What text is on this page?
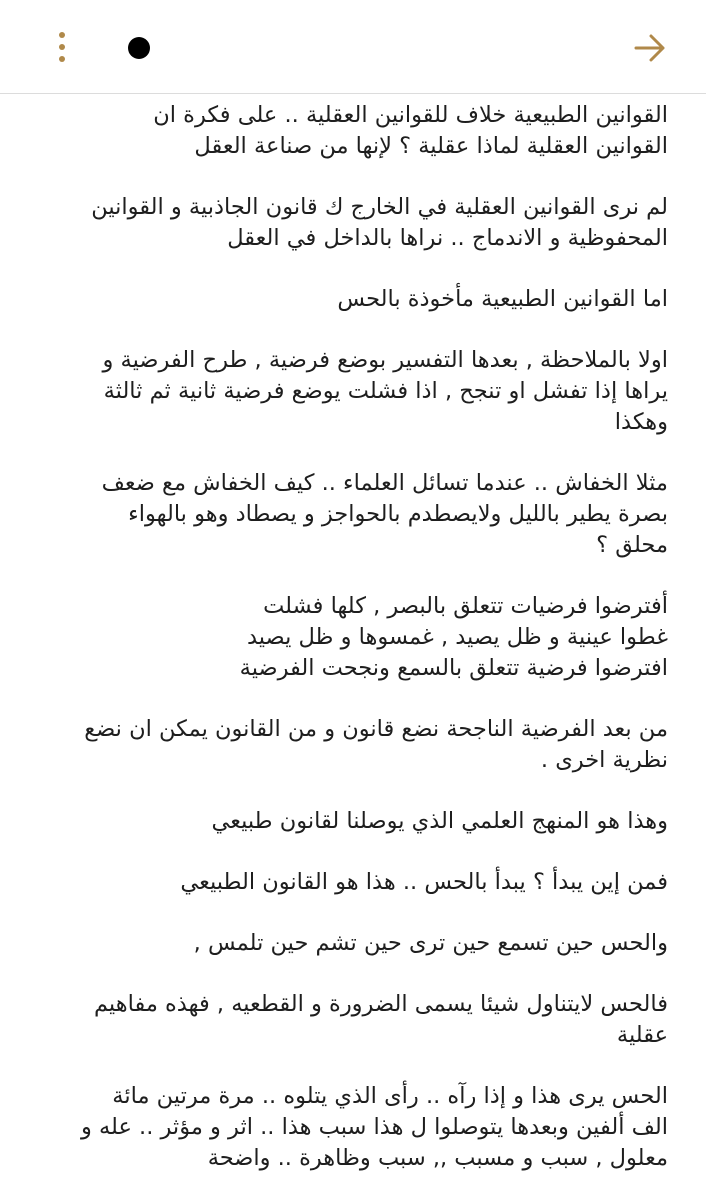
القوانين الطبيعية خلاف للقوانين العقلية .. على فكرة ان القوانين العقلية لماذا عقلية ؟ لإنها من صناعة العقل

لم نرى القوانين العقلية في الخارج ك قانون الجاذبية و القوانين المحفوظية و الاندماج .. نراها بالداخل في العقل

اما القوانين الطبيعية مأخوذة بالحس

اولا بالملاحظة , بعدها التفسير بوضع فرضية , طرح الفرضية و يراها إذا تفشل او تنجح , اذا فشلت يوضع فرضية ثانية ثم ثالثة وهكذا

مثلا الخفاش .. عندما تسائل العلماء .. كيف الخفاش مع ضعف بصرة يطير بالليل ولايصطدم بالحواجز و يصطاد وهو بالهواء محلق ؟

أفترضوا فرضيات تتعلق بالبصر , كلها فشلت
غطوا عينية و ظل يصيد , غمسوها و ظل يصيد
افترضوا فرضية تتعلق بالسمع ونجحت الفرضية

من بعد الفرضية الناجحة نضع قانون و من القانون يمكن ان نضع نظرية اخرى .

وهذا هو المنهج العلمي الذي يوصلنا لقانون طبيعي

فمن إين يبدأ ؟ يبدأ بالحس .. هذا هو القانون الطبيعي

والحس حين تسمع حين ترى حين تشم حين تلمس ,

فالحس لايتناول شيئا يسمى الضرورة و القطعيه , فهذه مفاهيم عقلية

الحس يرى هذا و إذا رآه .. رأى الذي يتلوه .. مرة مرتين مائة الف ألفين وبعدها يتوصلوا ل هذا سبب هذا .. اثر و مؤثر .. عله و معلول , سبب و مسبب ,, سبب وظاهرة .. واضحة
